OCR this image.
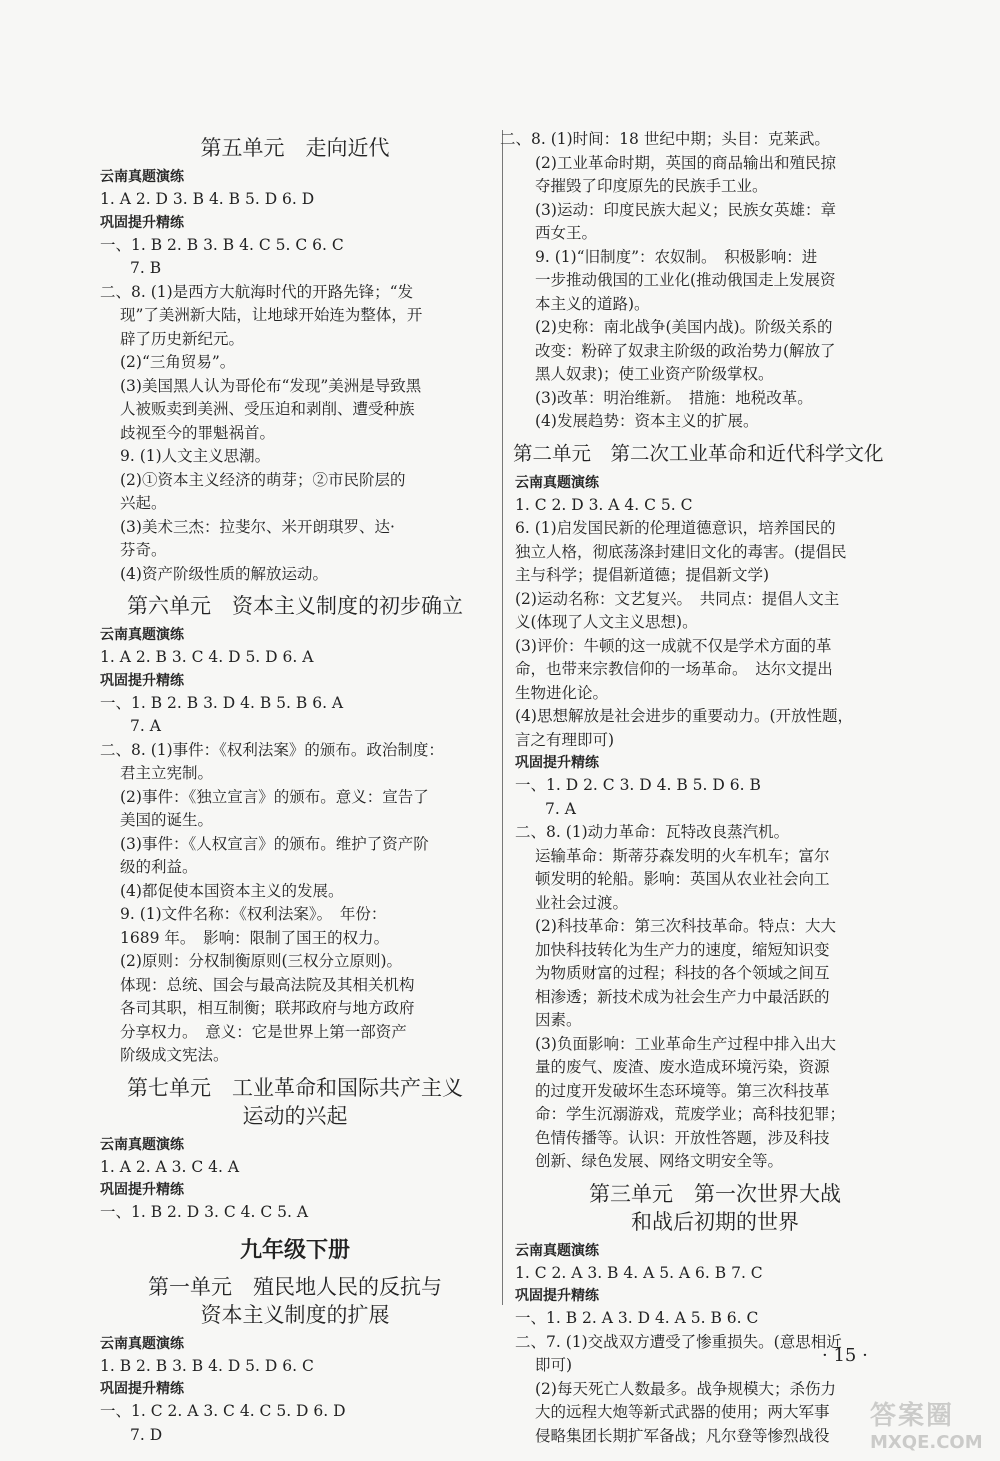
第五单元　走向近代
云南真题演练
1. A 2. D 3. B 4. B 5. D 6. D
巩固提升精练
一、1. B 2. B 3. B 4. C 5. C 6. C
7. B
二、8. (1)是西方大航海时代的开路先锋；“发
现”了美洲新大陆，让地球开始连为整体，开
辟了历史新纪元。
(2)“三角贸易”。
(3)美国黑人认为哥伦布“发现”美洲是导致黑
人被贩卖到美洲、受压迫和剥削、遭受种族
歧视至今的罪魁祸首。
9. (1)人文主义思潮。
(2)①资本主义经济的萌芽；②市民阶层的
兴起。
(3)美术三杰：拉斐尔、米开朗琪罗、达·
芬奇。
(4)资产阶级性质的解放运动。
第六单元　资本主义制度的初步确立
云南真题演练
1. A 2. B 3. C 4. D 5. D 6. A
巩固提升精练
一、1. B 2. B 3. D 4. B 5. B 6. A
7. A
二、8. (1)事件：《权利法案》的颁布。政治制度：
君主立宪制。
(2)事件：《独立宣言》的颁布。意义：宣告了
美国的诞生。
(3)事件：《人权宣言》的颁布。维护了资产阶
级的利益。
(4)都促使本国资本主义的发展。
9. (1)文件名称：《权利法案》。　年份：
1689 年。　影响：限制了国王的权力。
(2)原则：分权制衡原则(三权分立原则)。
体现：总统、国会与最高法院及其相关机构
各司其职，相互制衡；联邦政府与地方政府
分享权力。　意义：它是世界上第一部资产
阶级成文宪法。
第七单元　工业革命和国际共产主义
运动的兴起
云南真题演练
1. A 2. A 3. C 4. A
巩固提升精练
一、1. B 2. D 3. C 4. C 5. A
九年级下册
第一单元　殖民地人民的反抗与
资本主义制度的扩展
云南真题演练
1. B 2. B 3. B 4. D 5. D 6. C
巩固提升精练
一、1. C 2. A 3. C 4. C 5. D 6. D
7. D
二、8. (1)时间：18 世纪中期；头目：克莱武。
(2)工业革命时期，英国的商品输出和殖民掠
夺摧毁了印度原先的民族手工业。
(3)运动：印度民族大起义；民族女英雄：章
西女王。
9. (1)“旧制度”：农奴制。　积极影响：进
一步推动俄国的工业化(推动俄国走上发展资
本主义的道路)。
(2)史称：南北战争(美国内战)。阶级关系的
改变：粉碎了奴隶主阶级的政治势力(解放了
黑人奴隶)；使工业资产阶级掌权。
(3)改革：明治维新。　措施：地税改革。
(4)发展趋势：资本主义的扩展。
第二单元　第二次工业革命和近代科学文化
云南真题演练
1. C 2. D 3. A 4. C 5. C
6. (1)启发国民新的伦理道德意识，培养国民的
独立人格，彻底荡涤封建旧文化的毒害。(提倡民
主与科学；提倡新道德；提倡新文学)
(2)运动名称：文艺复兴。　共同点：提倡人文主
义(体现了人文主义思想)。
(3)评价：牛顿的这一成就不仅是学术方面的革
命，也带来宗教信仰的一场革命。　达尔文提出
生物进化论。
(4)思想解放是社会进步的重要动力。(开放性题，
言之有理即可)
巩固提升精练
一、1. D 2. C 3. D 4. B 5. D 6. B
7. A
二、8. (1)动力革命：瓦特改良蒸汽机。
运输革命：斯蒂芬森发明的火车机车；富尔
顿发明的轮船。影响：英国从农业社会向工
业社会过渡。
(2)科技革命：第三次科技革命。特点：大大
加快科技转化为生产力的速度，缩短知识变
为物质财富的过程；科技的各个领域之间互
相渗透；新技术成为社会生产力中最活跃的
因素。
(3)负面影响：工业革命生产过程中排入出大
量的废气、废渣、废水造成环境污染，资源
的过度开发破坏生态环境等。第三次科技革
命：学生沉溺游戏，荒废学业；高科技犯罪；
色情传播等。认识：开放性答题，涉及科技
创新、绿色发展、网络文明安全等。
第三单元　第一次世界大战
和战后初期的世界
云南真题演练
1. C 2. A 3. B 4. A 5. A 6. B 7. C
巩固提升精练
一、1. B 2. A 3. D 4. A 5. B 6. C
二、7. (1)交战双方遭受了惨重损失。(意思相近
即可)
(2)每天死亡人数最多。战争规模大；杀伤力
大的远程大炮等新式武器的使用；两大军事
侵略集团长期扩军备战；凡尔登等惨烈战役
· 15 ·
答案圈
MXQE.COM
